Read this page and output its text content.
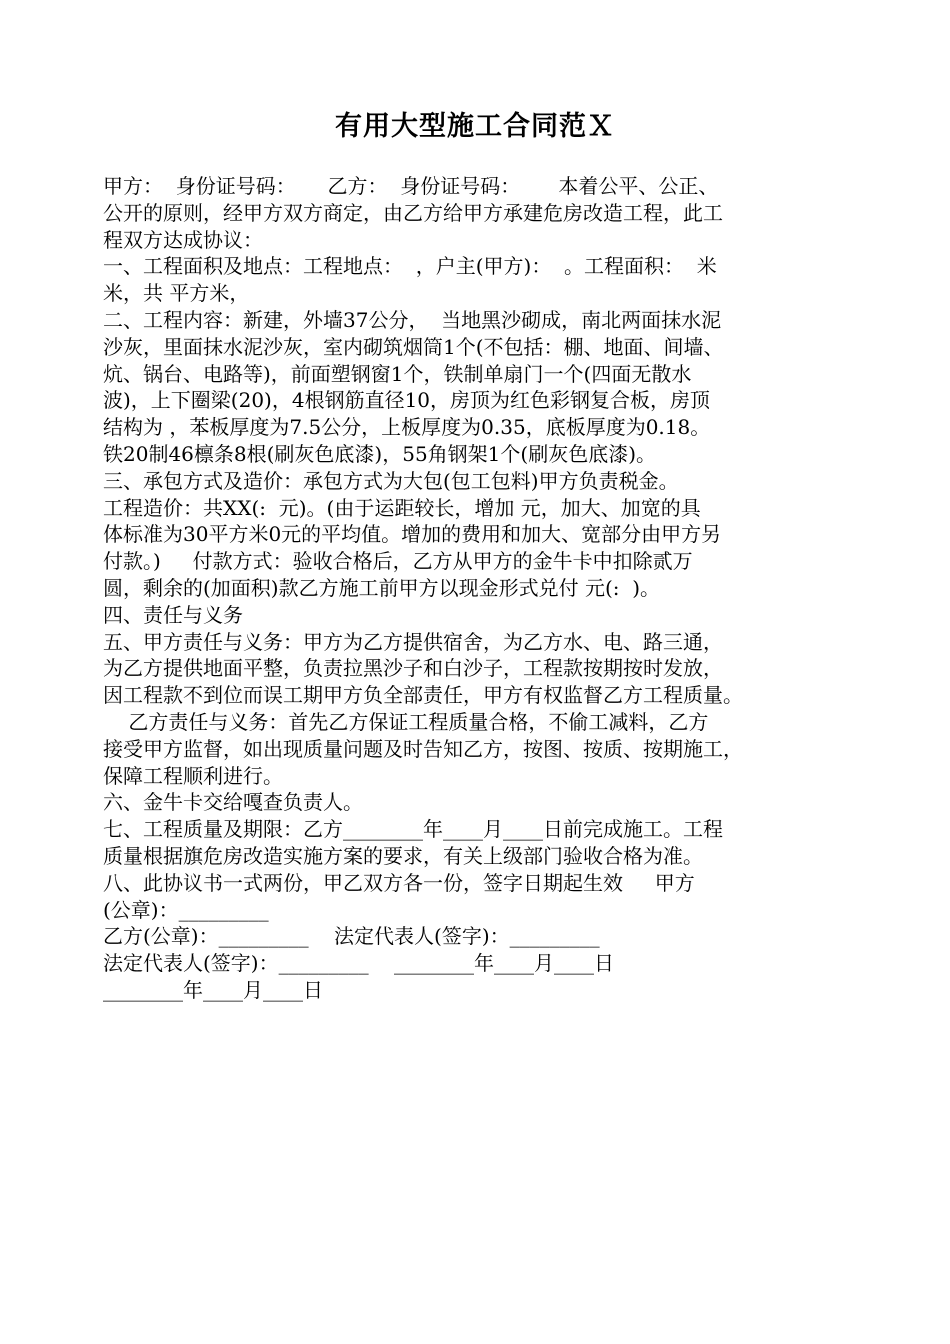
有用大型施工合同范Ｘ
甲方：  身份证号码：     乙方：  身份证号码：      本着公平、公正、
公开的原则，经甲方双方商定，由乙方给甲方承建危房改造工程，此工
程双方达成协议：
一、工程面积及地点：工程地点：  ，户主(甲方)：  。工程面积：  米
米，共 平方米，
二、工程内容：新建，外墙37公分，  当地黑沙砌成，南北两面抹水泥
沙灰，里面抹水泥沙灰，室内砌筑烟筒1个(不包括：棚、地面、间墙、
炕、锅台、电路等)，前面塑钢窗1个，铁制单扇门一个(四面无散水
波)，上下圈梁(20)，4根钢筋直径10，房顶为红色彩钢复合板，房顶
结构为 ，苯板厚度为7.5公分，上板厚度为0.35，底板厚度为0.18。
铁20制46檩条8根(刷灰色底漆)，55角钢架1个(刷灰色底漆)。
三、承包方式及造价：承包方式为大包(包工包料)甲方负责税金。
工程造价：共XX(:  元)。(由于运距较长，增加 元，加大、加宽的具
体标准为30平方米0元的平均值。增加的费用和加大、宽部分由甲方另
付款。)     付款方式：验收合格后，乙方从甲方的金牛卡中扣除贰万
圆，剩余的(加面积)款乙方施工前甲方以现金形式兑付 元(:  )。
四、责任与义务
五、甲方责任与义务：甲方为乙方提供宿舍，为乙方水、电、路三通，
为乙方提供地面平整，负责拉黑沙子和白沙子，工程款按期按时发放，
因工程款不到位而误工期甲方负全部责任，甲方有权监督乙方工程质量。
乙方责任与义务：首先乙方保证工程质量合格，不偷工减料，乙方
接受甲方监督，如出现质量问题及时告知乙方，按图、按质、按期施工，
保障工程顺利进行。
六、金牛卡交给嘎查负责人。
七、工程质量及期限：乙方________年____月____日前完成施工。工程
质量根据旗危房改造实施方案的要求，有关上级部门验收合格为准。
八、此协议书一式两份，甲乙双方各一份，签字日期起生效     甲方
(公章)：_________
乙方(公章)：_________    法定代表人(签字)：_________
法定代表人(签字)：_________    ________年____月____日
________年____月____日
